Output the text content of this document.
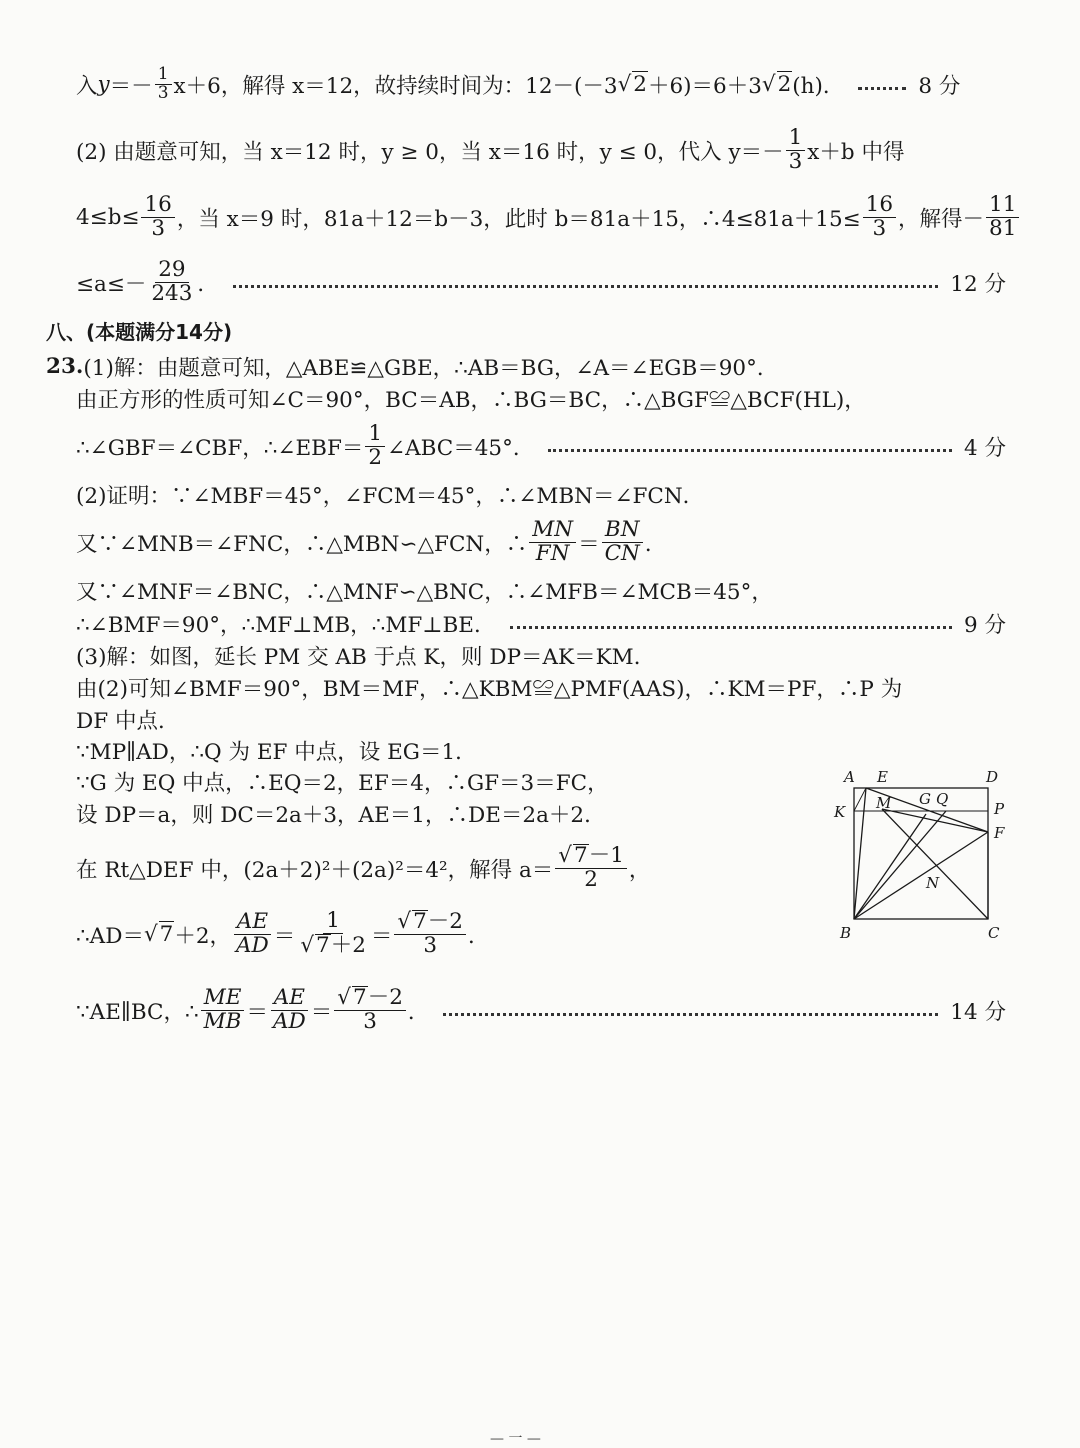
入 y ＝－ 1
3 x＋6，解得 x＝12，故持续时间为：12－(－3 √2 ＋6)＝6＋3 √2 (h)．	8 分
(2) 由题意可知，当 x＝12 时，y ≥ 0，当 x＝16 时，y ≤ 0，代入 y＝－
1
3 x＋b 中得
$4\le b\le \frac{16}{3}$ ，当 x＝9 时，81a＋12＝b－3，此时 b＝81a＋15，∴4≤81a＋15≤ $\frac{16}{3}$ ，解得－
11
81
≤a≤－
29
243 ．	12 分
八、(本题满分14分)
23. (1)解：由题意可知，△ABE≌△GBE，∴AB＝BG，∠A＝∠EGB＝90°．
由正方形的性质可知∠C＝90°，BC＝AB，∴BG＝BC，∴△BGF≌△BCF(HL)，
∴∠GBF＝∠CBF，∴∠EBF＝
1
2 ∠ABC＝45°．	4 分
(2)证明：∵∠MBF＝45°，∠FCM＝45°，∴∠MBN＝∠FCN．
又∵∠MNB＝∠FNC，∴△MBN∽△FCN，∴
MN
FN ＝
BN
CN ．
又∵∠MNF＝∠BNC，∴△MNF∽△BNC，∴∠MFB＝∠MCB＝45°，
∴∠BMF＝90°，∴MF⊥MB，∴MF⊥BE．	9 分
(3)解：如图，延长 PM 交 AB 于点 K，则 DP＝AK＝KM．
由(2)可知∠BMF＝90°，BM＝MF，∴△KBM≌△PMF(AAS)，∴KM＝PF，∴P 为
DF 中点．
∵MP∥AD，∴Q 为 EF 中点，设 EG＝1．
∵G 为 EQ 中点，∴EQ＝2，EF＝4，∴GF＝3＝FC，
设 DP＝a，则 DC＝2a＋3，AE＝1，∴DE＝2a＋2．
在 Rt△DEF 中，(2a＋2)²＋(2a)²＝4²，解得 a＝
√7－1
2 ，
∴AD＝ √7 ＋2，
AE
AD ＝
1
√7＋2 ＝
√7－2
3 ．
∵AE∥BC，∴
ME
MB ＝
AE
AD ＝
√7－2
3 ．	14 分
A E	D
K M G Q
P
F
N
B	C
— 一 —
